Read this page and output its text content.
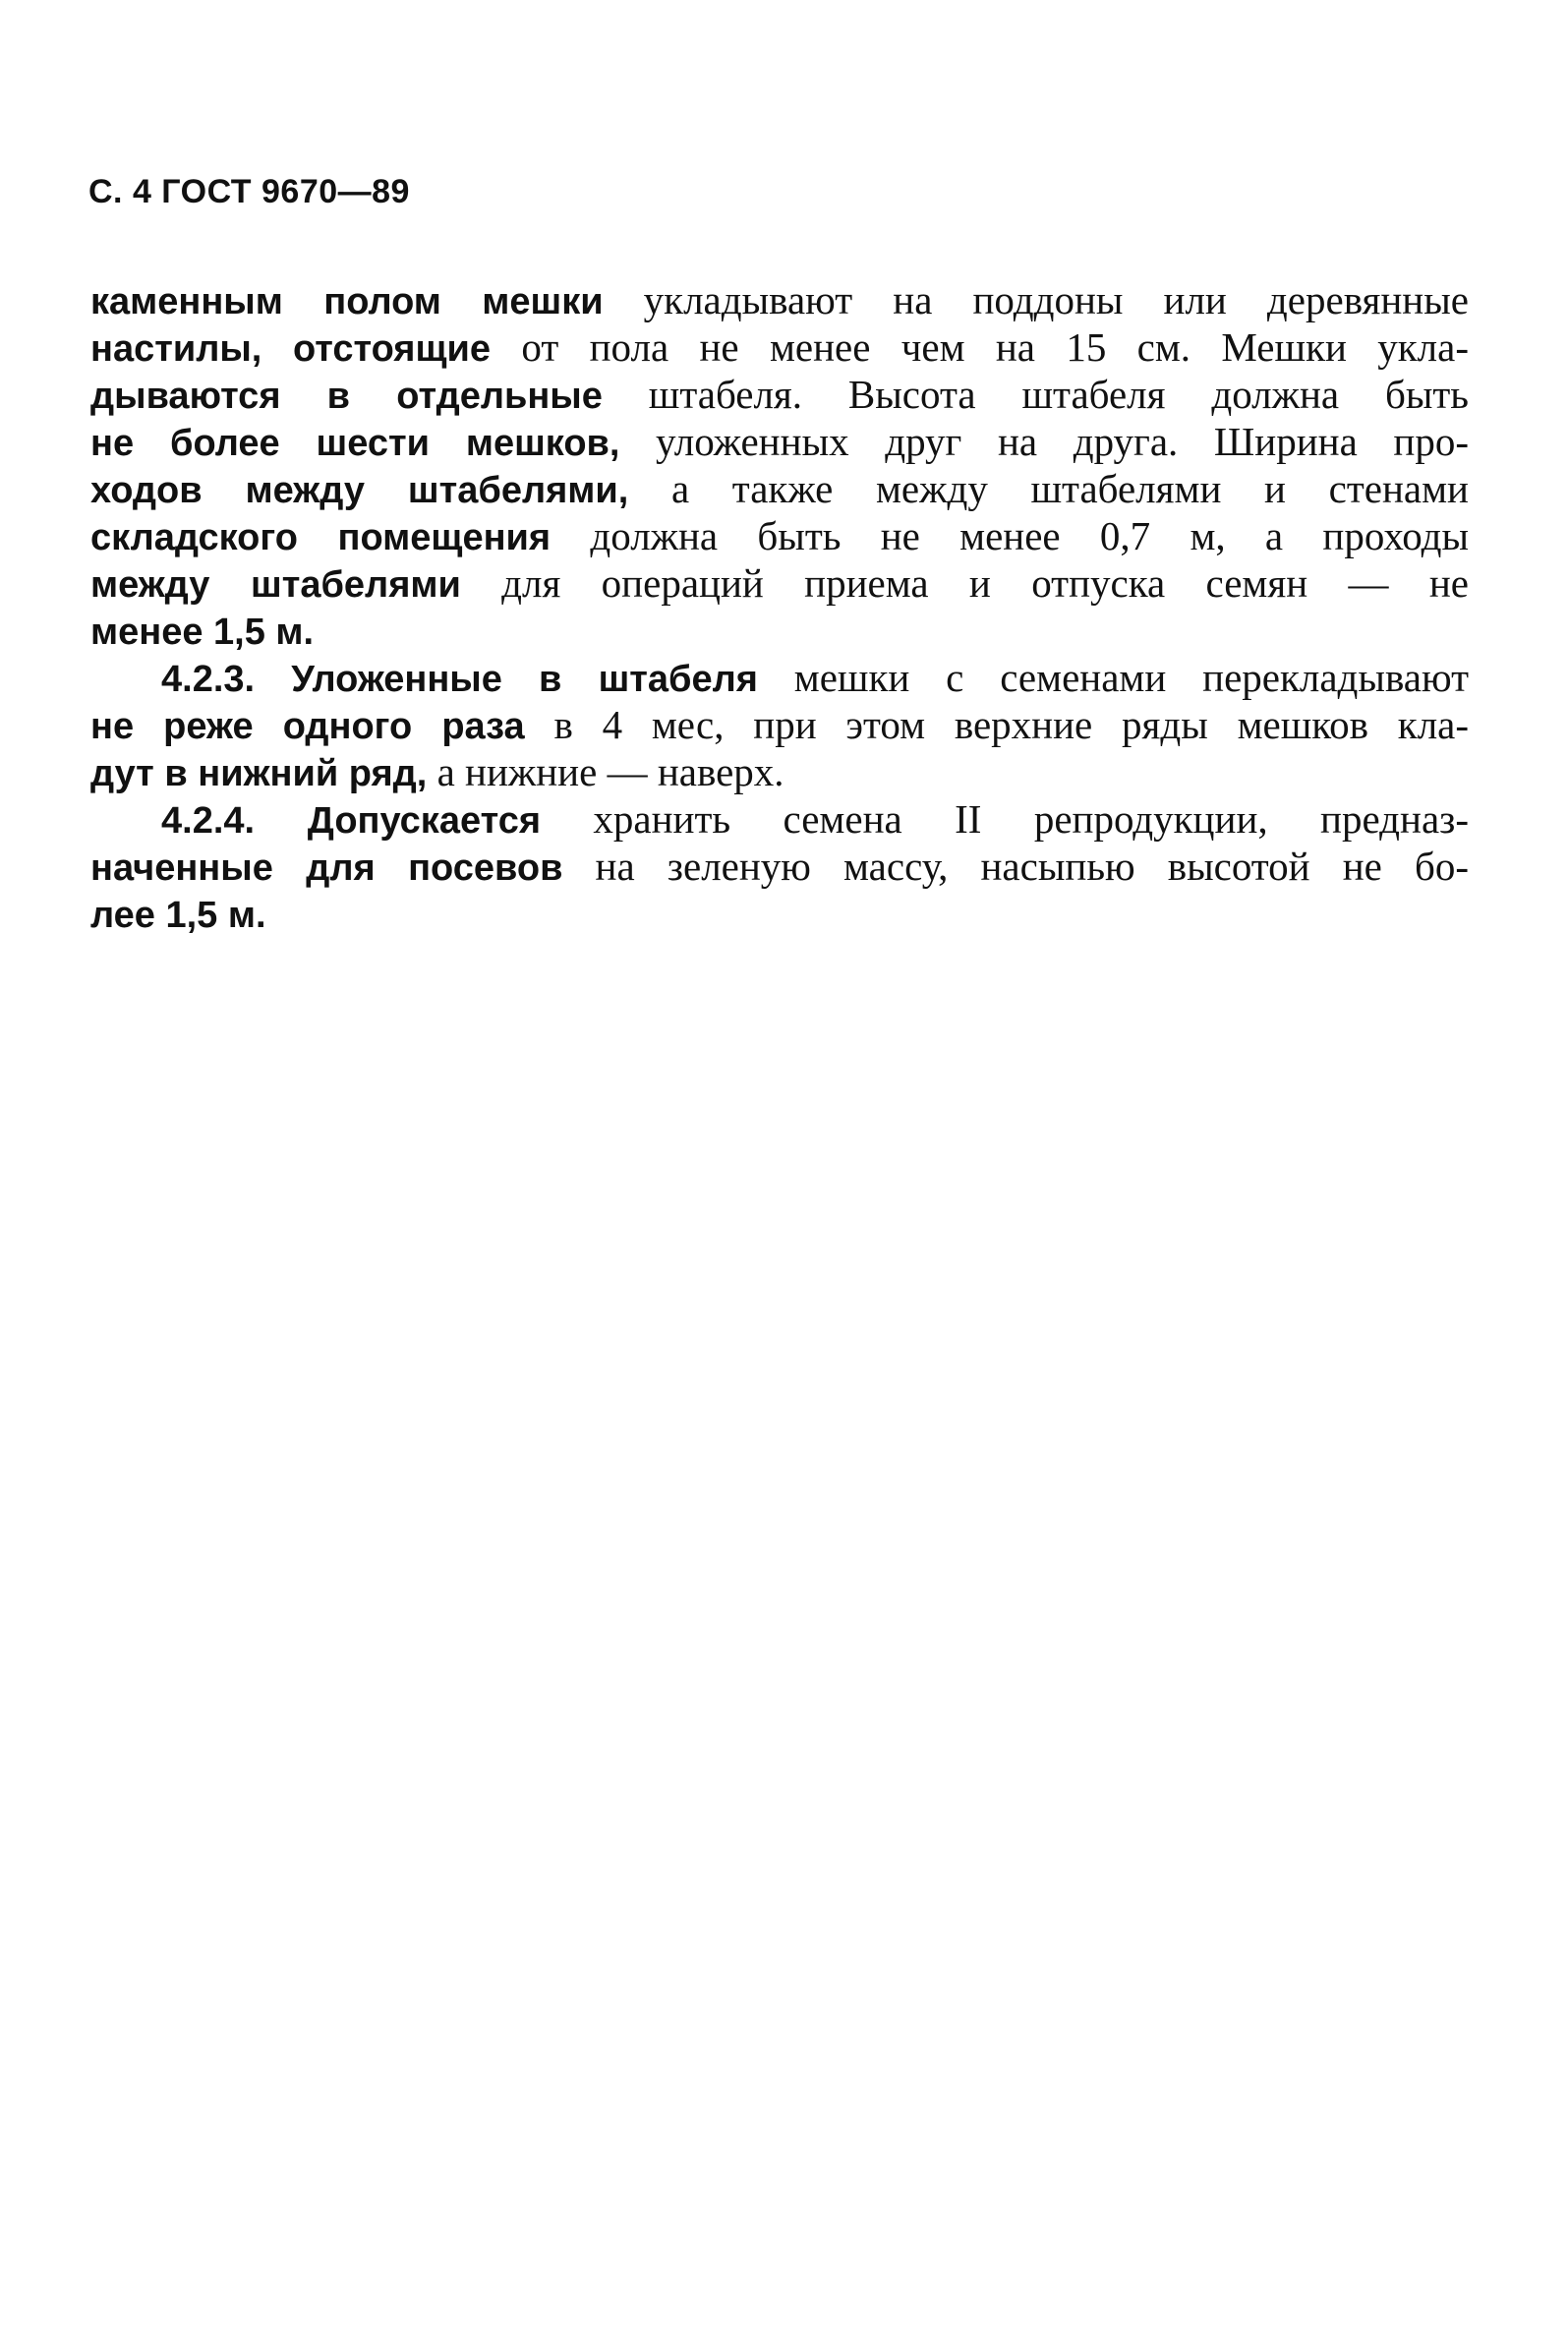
С. 4 ГОСТ 9670—89
каменным полом мешки укладывают на поддоны или деревянные
настилы, отстоящие от пола не менее чем на 15 см. Мешки укла-
дываются в отдельные штабеля. Высота штабеля должна быть
не более шести мешков, уложенных друг на друга. Ширина про-
ходов между штабелями, а также между штабелями и стенами
складского помещения должна быть не менее 0,7 м, а проходы
между штабелями для операций приема и отпуска семян — не
менее 1,5 м.
4.2.3. Уложенные в штабеля мешки с семенами перекладывают
не реже одного раза в 4 мес, при этом верхние ряды мешков кла-
дут в нижний ряд, а нижние — наверх.
4.2.4. Допускается хранить семена II репродукции, предназ-
наченные для посевов на зеленую массу, насыпью высотой не бо-
лее 1,5 м.
